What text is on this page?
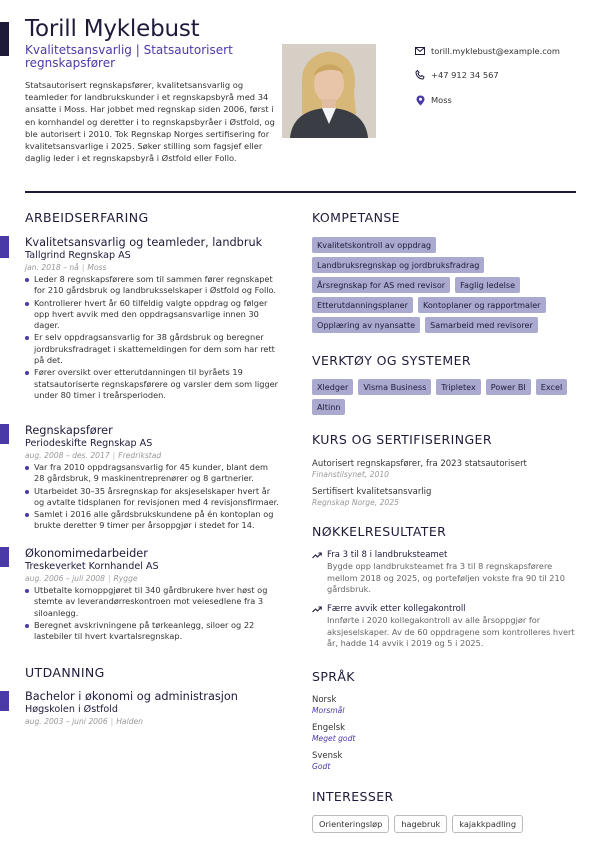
Torill Myklebust
Kvalitetsansvarlig | Statsautorisert regnskapsfører
Statsautorisert regnskapsfører, kvalitetsansvarlig og teamleder for landbrukskunder i et regnskapsbyrå med 34 ansatte i Moss. Har jobbet med regnskap siden 2006, først i en kornhandel og deretter i to regnskapsbyråer i Østfold, og ble autorisert i 2010. Tok Regnskap Norges sertifisering for kvalitetsansvarlige i 2025. Søker stilling som fagsjef eller daglig leder i et regnskapsbyrå i Østfold eller Follo.
torill.myklebust@example.com
+47 912 34 567
Moss
ARBEIDSERFARING
Kvalitetsansvarlig og teamleder, landbruk
Tallgrind Regnskap AS
jan. 2018 – nå | Moss
Leder 8 regnskapsførere som til sammen fører regnskapet for 210 gårdsbruk og landbruksselskaper i Østfold og Follo.
Kontrollerer hvert år 60 tilfeldig valgte oppdrag og følger opp hvert avvik med den oppdragsansvarlige innen 30 dager.
Er selv oppdragsansvarlig for 38 gårdsbruk og beregner jordbruksfradraget i skattemeldingen for dem som har rett på det.
Fører oversikt over etterutdanningen til byråets 19 statsautoriserte regnskapsførere og varsler dem som ligger under 80 timer i treårsperioden.
Regnskapsfører
Periodeskifte Regnskap AS
aug. 2008 – des. 2017 | Fredrikstad
Var fra 2010 oppdragsansvarlig for 45 kunder, blant dem 28 gårdsbruk, 9 maskinentreprenører og 8 gartnerier.
Utarbeidet 30–35 årsregnskap for aksjeselskaper hvert år og avtalte tidsplanen for revisjonen med 4 revisjonsfirmaer.
Samlet i 2016 alle gårdsbrukskundene på én kontoplan og brukte deretter 9 timer per årsoppgjør i stedet for 14.
Økonomimedarbeider
Treskeverket Kornhandel AS
aug. 2006 – juli 2008 | Rygge
Utbetalte kornoppgjøret til 340 gårdbrukere hver høst og stemte av leverandørreskontroen mot veiesedlene fra 3 siloanlegg.
Beregnet avskrivningene på tørkeanlegg, siloer og 22 lastebiler til hvert kvartalsregnskap.
UTDANNING
Bachelor i økonomi og administrasjon
Høgskolen i Østfold
aug. 2003 – juni 2006 | Halden
KOMPETANSE
Kvalitetskontroll av oppdrag
Landbruksregnskap og jordbruksfradrag
Årsregnskap for AS med revisor	Faglig ledelse
Etterutdanningsplaner	Kontoplaner og rapportmaler
Opplæring av nyansatte	Samarbeid med revisorer
VERKTØY OG SYSTEMER
Xledger	Visma Business	Tripletex	Power BI	Excel
Altinn
KURS OG SERTIFISERINGER
Autorisert regnskapsfører, fra 2023 statsautorisert
Finanstilsynet, 2010
Sertifisert kvalitetsansvarlig
Regnskap Norge, 2025
NØKKELRESULTATER
Fra 3 til 8 i landbruksteamet
Bygde opp landbruksteamet fra 3 til 8 regnskapsførere mellom 2018 og 2025, og porteføljen vokste fra 90 til 210 gårdsbruk.
Færre avvik etter kollegakontroll
Innførte i 2020 kollegakontroll av alle årsoppgjør for aksjeselskaper. Av de 60 oppdragene som kontrolleres hvert år, hadde 14 avvik i 2019 og 5 i 2025.
SPRÅK
Norsk
Morsmål
Engelsk
Meget godt
Svensk
Godt
INTERESSER
Orienteringsløp	hagebruk	kajakkpadling
